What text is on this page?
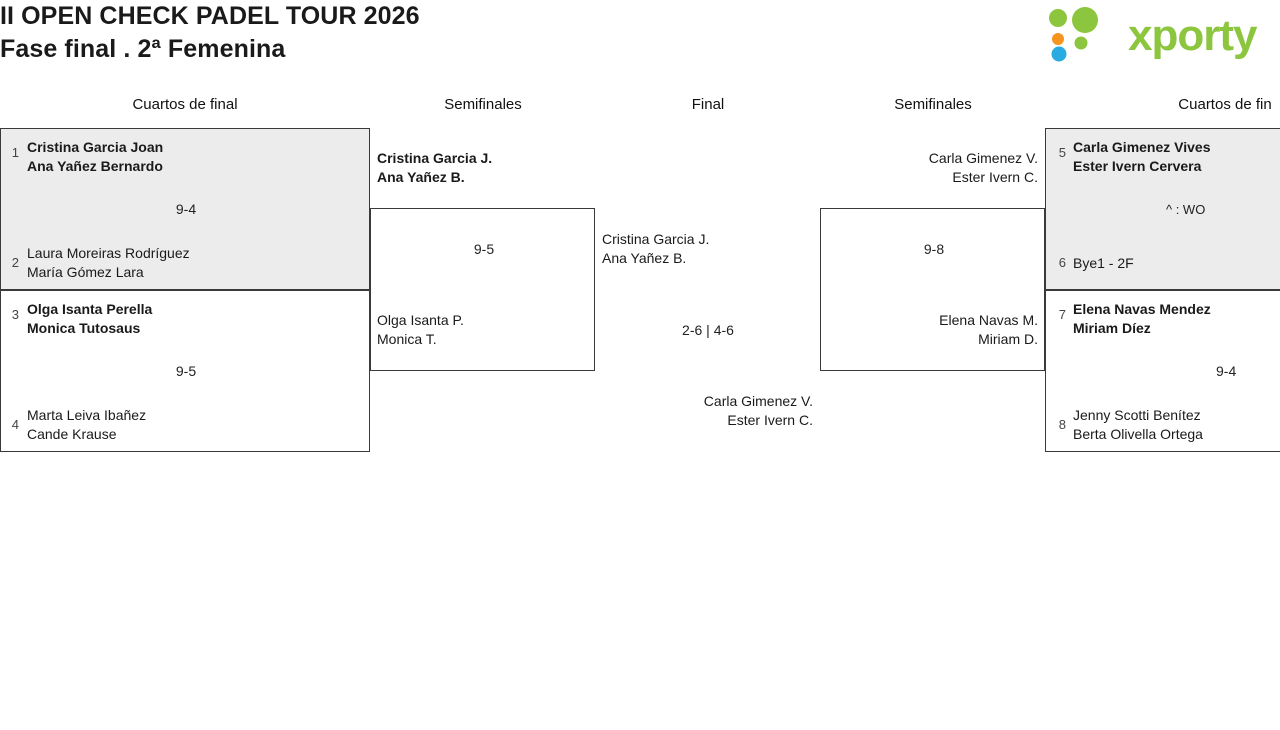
II OPEN CHECK PADEL TOUR 2026
Fase final . 2ª Femenina	xporty
Cuartos de final	Semifinales	Final	Semifinales	Cuartos de fin
1 Cristina Garcia Joan
Ana Yañez Bernardo
9-4
2
Laura Moreiras Rodríguez
María Gómez Lara
3 Olga Isanta Perella
Monica Tutosaus
9-5
4
Marta Leiva Ibañez
Cande Krause
9-5
Cristina Garcia J.
Ana Yañez B.
Olga Isanta P.
Monica T.
Cristina Garcia J.
Ana Yañez B.
2-6 | 4-6
Carla Gimenez V.
Ester Ivern C.
9-8
Carla Gimenez V.
Ester Ivern C.
Elena Navas M.
Miriam D.
5 Carla Gimenez Vives
Ester Ivern Cervera
^ : WO
6 Bye1 - 2F
7 Elena Navas Mendez
Miriam Díez
9-4
8
Jenny Scotti Benítez
Berta Olivella Ortega
